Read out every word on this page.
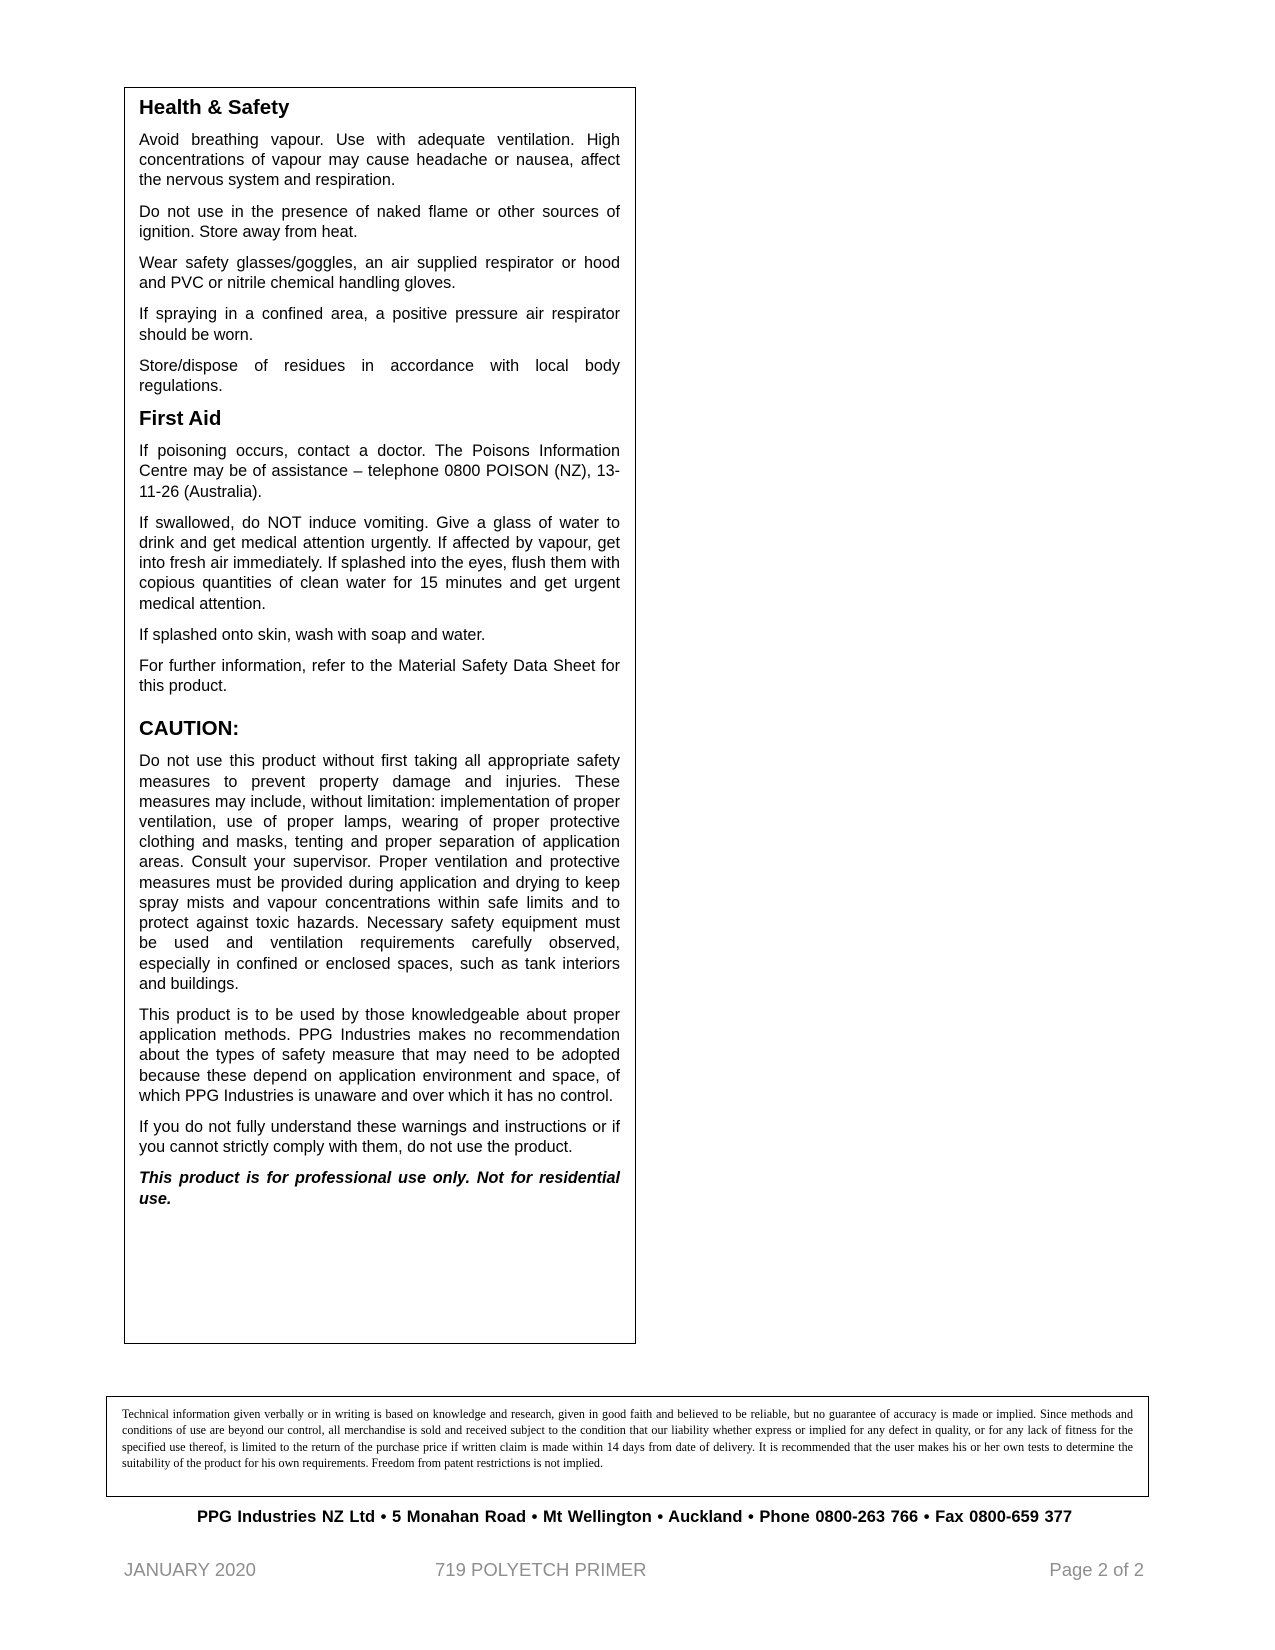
Health & Safety

Avoid breathing vapour. Use with adequate ventilation. High concentrations of vapour may cause headache or nausea, affect the nervous system and respiration.

Do not use in the presence of naked flame or other sources of ignition. Store away from heat.

Wear safety glasses/goggles, an air supplied respirator or hood and PVC or nitrile chemical handling gloves.

If spraying in a confined area, a positive pressure air respirator should be worn.

Store/dispose of residues in accordance with local body regulations.

First Aid

If poisoning occurs, contact a doctor. The Poisons Information Centre may be of assistance – telephone 0800 POISON (NZ), 13-11-26 (Australia).

If swallowed, do NOT induce vomiting. Give a glass of water to drink and get medical attention urgently. If affected by vapour, get into fresh air immediately. If splashed into the eyes, flush them with copious quantities of clean water for 15 minutes and get urgent medical attention.

If splashed onto skin, wash with soap and water.

For further information, refer to the Material Safety Data Sheet for this product.

CAUTION:

Do not use this product without first taking all appropriate safety measures to prevent property damage and injuries. These measures may include, without limitation: implementation of proper ventilation, use of proper lamps, wearing of proper protective clothing and masks, tenting and proper separation of application areas. Consult your supervisor. Proper ventilation and protective measures must be provided during application and drying to keep spray mists and vapour concentrations within safe limits and to protect against toxic hazards. Necessary safety equipment must be used and ventilation requirements carefully observed, especially in confined or enclosed spaces, such as tank interiors and buildings.

This product is to be used by those knowledgeable about proper application methods. PPG Industries makes no recommendation about the types of safety measure that may need to be adopted because these depend on application environment and space, of which PPG Industries is unaware and over which it has no control.

If you do not fully understand these warnings and instructions or if you cannot strictly comply with them, do not use the product.

This product is for professional use only. Not for residential use.

Technical information given verbally or in writing is based on knowledge and research, given in good faith and believed to be reliable, but no guarantee of accuracy is made or implied. Since methods and conditions of use are beyond our control, all merchandise is sold and received subject to the condition that our liability whether express or implied for any defect in quality, or for any lack of fitness for the specified use thereof, is limited to the return of the purchase price if written claim is made within 14 days from date of delivery. It is recommended that the user makes his or her own tests to determine the suitability of the product for his own requirements. Freedom from patent restrictions is not implied.
PPG Industries NZ Ltd • 5 Monahan Road • Mt Wellington • Auckland • Phone 0800-263 766 • Fax 0800-659 377
JANUARY 2020	719 POLYETCH PRIMER	Page 2 of 2
